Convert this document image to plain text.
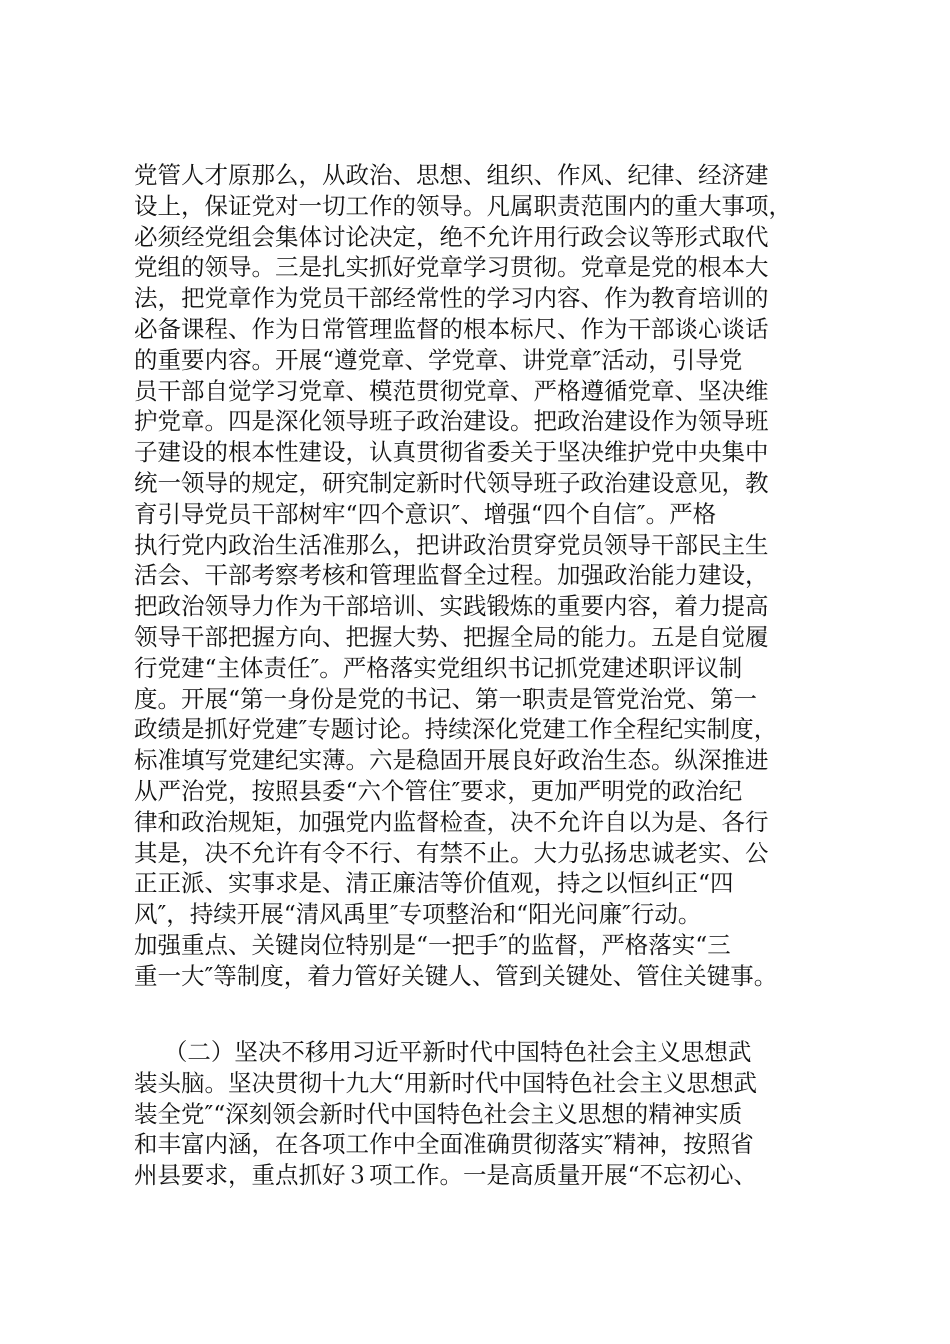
党管人才原那么，从政治、思想、组织、作风、纪律、经济建
设上，保证党对一切工作的领导。凡属职责范围内的重大事项，
必须经党组会集体讨论决定，绝不允许用行政会议等形式取代
党组的领导。三是扎实抓好党章学习贯彻。党章是党的根本大
法，把党章作为党员干部经常性的学习内容、作为教育培训的
必备课程、作为日常管理监督的根本标尺、作为干部谈心谈话
的重要内容。开展“遵党章、学党章、讲党章″活动，引导党
员干部自觉学习党章、模范贯彻党章、严格遵循党章、坚决维
护党章。四是深化领导班子政治建设。把政治建设作为领导班
子建设的根本性建设，认真贯彻省委关于坚决维护党中央集中
统一领导的规定，研究制定新时代领导班子政治建设意见，教
育引导党员干部树牢“四个意识″、增强“四个自信″。严格
执行党内政治生活准那么，把讲政治贯穿党员领导干部民主生
活会、干部考察考核和管理监督全过程。加强政治能力建设，
把政治领导力作为干部培训、实践锻炼的重要内容，着力提高
领导干部把握方向、把握大势、把握全局的能力。五是自觉履
行党建“主体责任″。严格落实党组织书记抓党建述职评议制
度。开展“第一身份是党的书记、第一职责是管党治党、第一
政绩是抓好党建″专题讨论。持续深化党建工作全程纪实制度，
标准填写党建纪实薄。六是稳固开展良好政治生态。纵深推进
从严治党，按照县委“六个管住″要求，更加严明党的政治纪
律和政治规矩，加强党内监督检查，决不允许自以为是、各行
其是，决不允许有令不行、有禁不止。大力弘扬忠诚老实、公
正正派、实事求是、清正廉洁等价值观，持之以恒纠正“四
风″，持续开展“清风禹里″专项整治和“阳光问廉″行动。
加强重点、关键岗位特别是“一把手″的监督，严格落实“三
重一大″等制度，着力管好关键人、管到关键处、管住关键事。
（二）坚决不移用习近平新时代中国特色社会主义思想武
装头脑。坚决贯彻十九大“用新时代中国特色社会主义思想武
装全党″“深刻领会新时代中国特色社会主义思想的精神实质
和丰富内涵，在各项工作中全面准确贯彻落实″精神，按照省
州县要求，重点抓好３项工作。一是高质量开展“不忘初心、
